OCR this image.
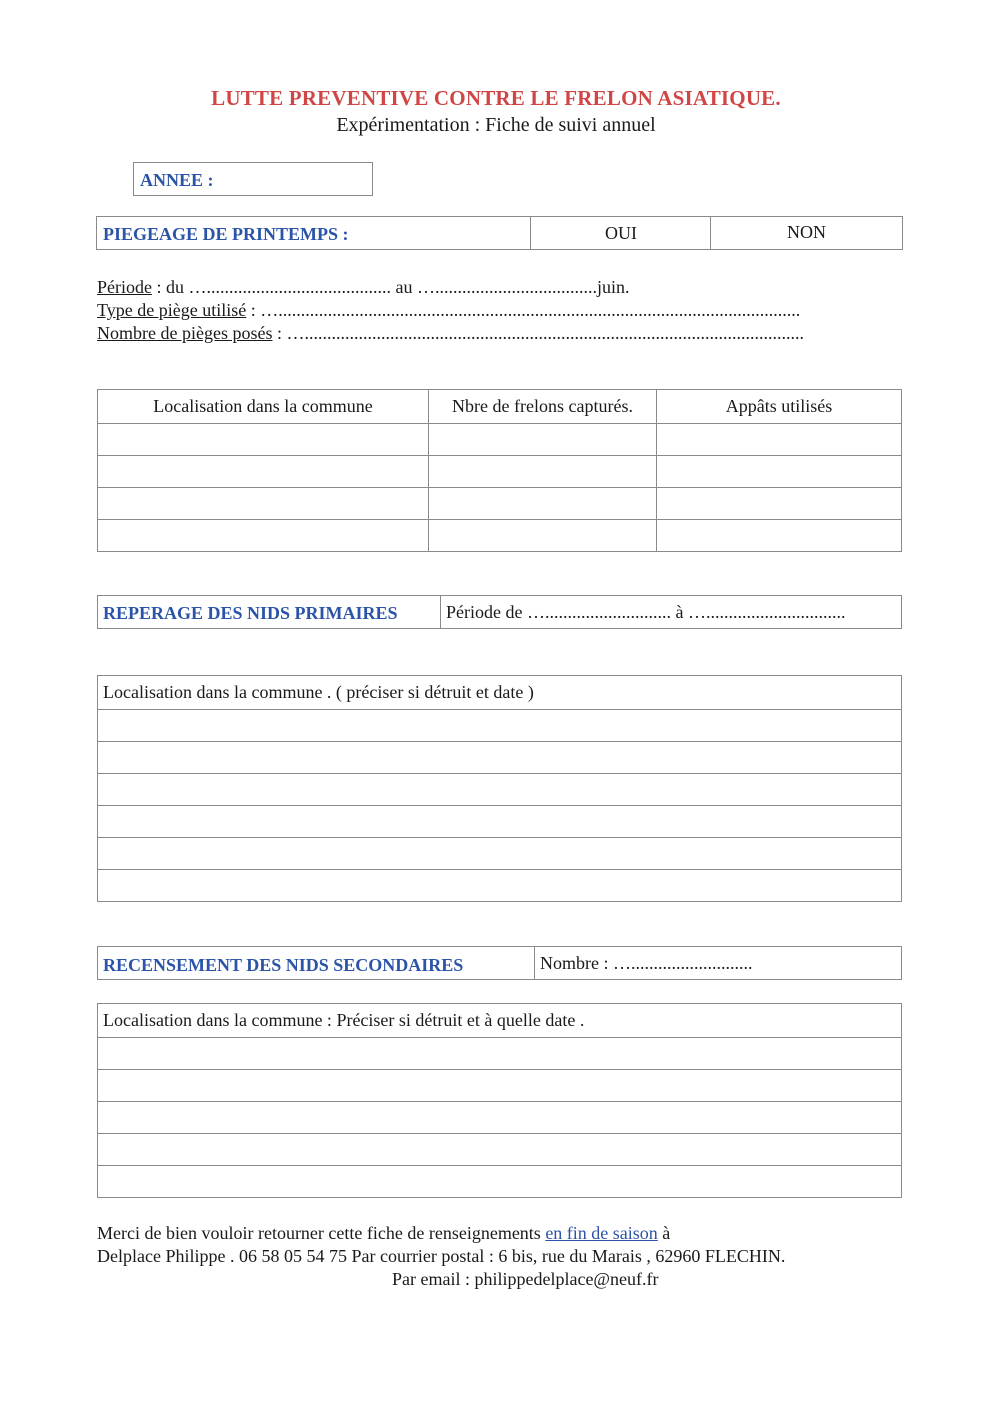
LUTTE PREVENTIVE CONTRE LE FRELON ASIATIQUE.
Expérimentation : Fiche de suivi annuel
ANNEE :
PIEGEAGE DE PRINTEMPS :	OUI	NON
Période : du …......................................... au …....................................juin.
Type de piège utilisé : …....................................................................................................................
Nombre de pièges posés : …...............................................................................................................
Localisation dans la commune	Nbre de frelons capturés.	Appâts utilisés

REPERAGE DES NIDS PRIMAIRES	Période de …............................ à …...............................
Localisation dans la commune . ( préciser si détruit et date )

RECENSEMENT DES NIDS SECONDAIRES	Nombre : …...........................
Localisation dans la commune : Préciser si détruit et à quelle date .

Merci de bien vouloir retourner cette fiche de renseignements en fin de saison à
Delplace Philippe . 06 58 05 54 75 Par courrier postal : 6 bis, rue du Marais , 62960 FLECHIN.
Par email : philippedelplace@neuf.fr
